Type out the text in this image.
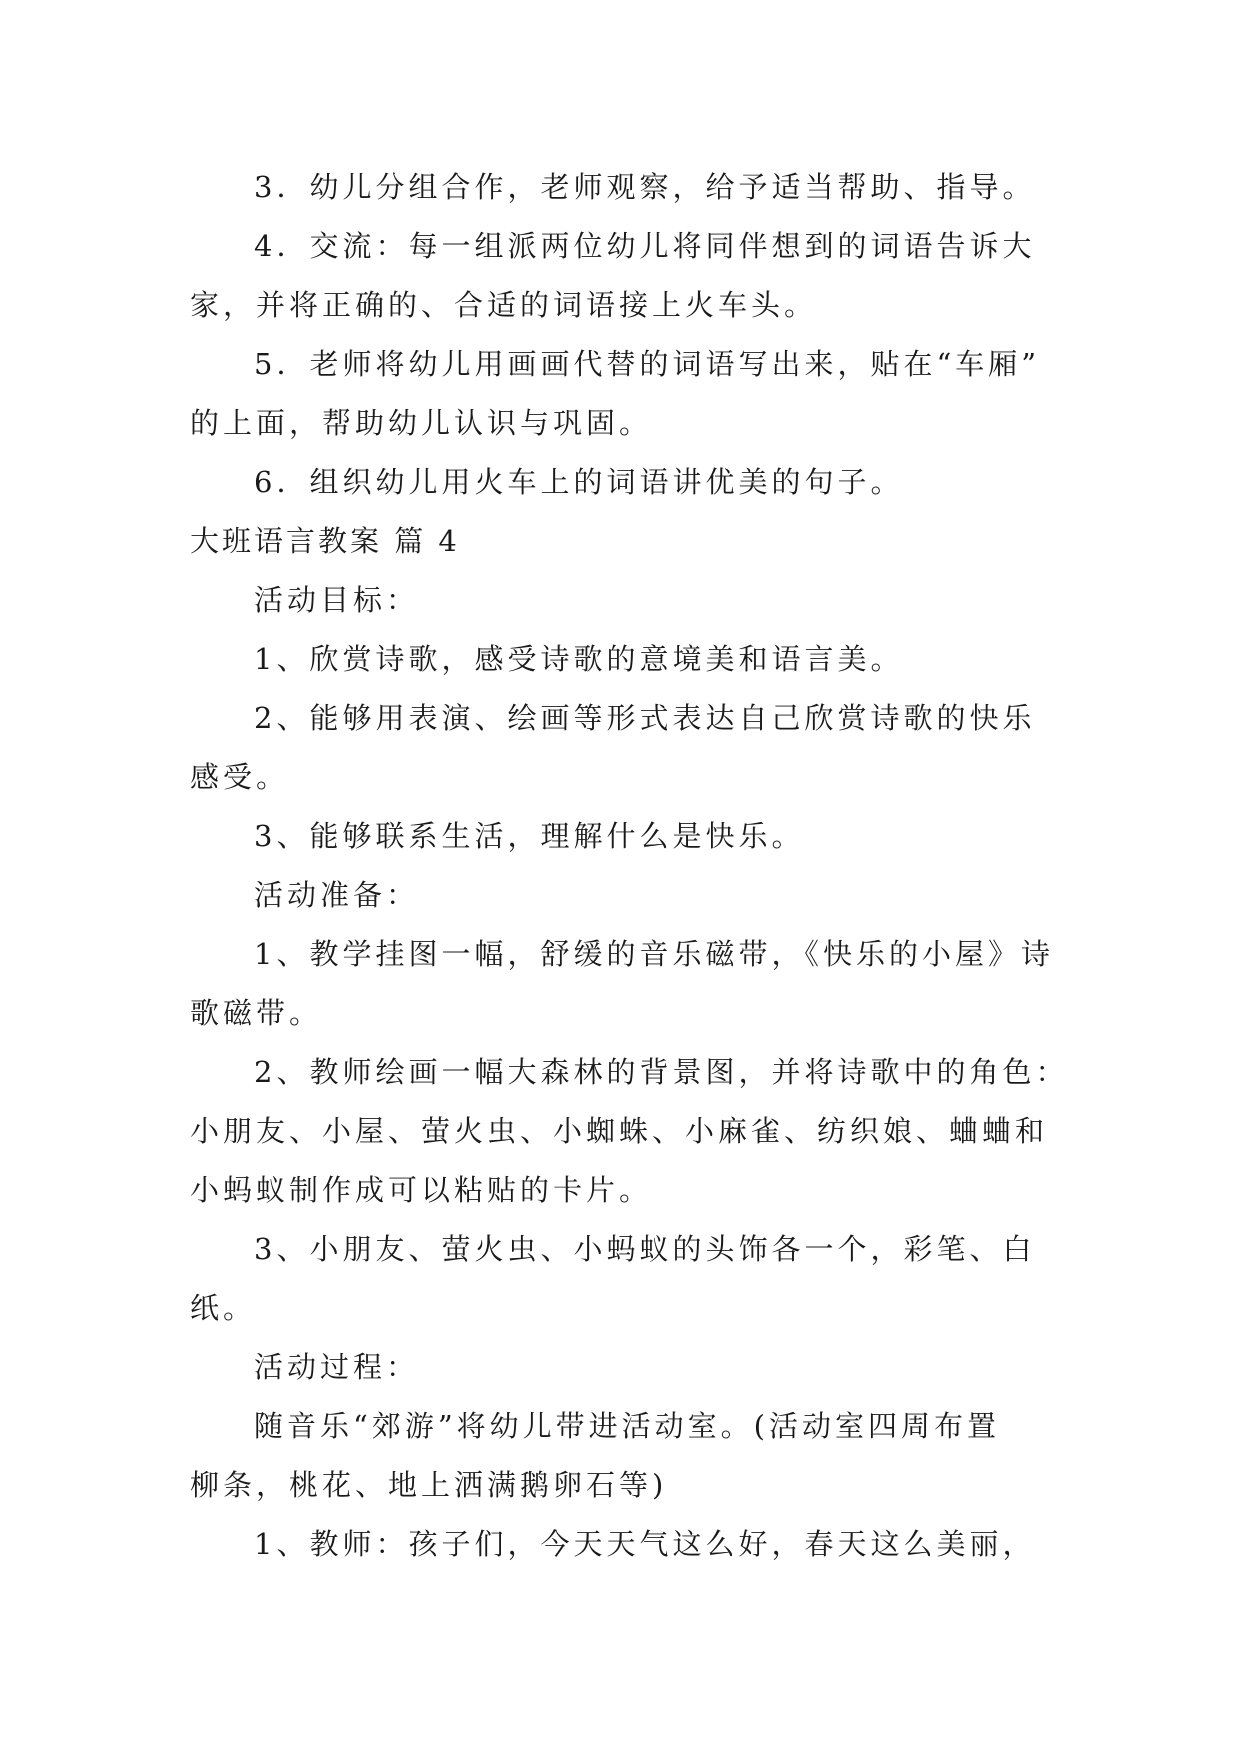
3．幼儿分组合作，老师观察，给予适当帮助、指导。
4．交流：每一组派两位幼儿将同伴想到的词语告诉大
家，并将正确的、合适的词语接上火车头。
5．老师将幼儿用画画代替的词语写出来，贴在“车厢”
的上面，帮助幼儿认识与巩固。
6．组织幼儿用火车上的词语讲优美的句子。
大班语言教案 篇 4
活动目标：
1、欣赏诗歌，感受诗歌的意境美和语言美。
2、能够用表演、绘画等形式表达自己欣赏诗歌的快乐
感受。
3、能够联系生活，理解什么是快乐。
活动准备：
1、教学挂图一幅，舒缓的音乐磁带，《快乐的小屋》诗
歌磁带。
2、教师绘画一幅大森林的背景图，并将诗歌中的角色：
小朋友、小屋、萤火虫、小蜘蛛、小麻雀、纺织娘、蛐蛐和
小蚂蚁制作成可以粘贴的卡片。
3、小朋友、萤火虫、小蚂蚁的头饰各一个，彩笔、白
纸。
活动过程：
随音乐“郊游”将幼儿带进活动室。(活动室四周布置
柳条，桃花、地上洒满鹅卵石等)
1、教师：孩子们，今天天气这么好，春天这么美丽，
